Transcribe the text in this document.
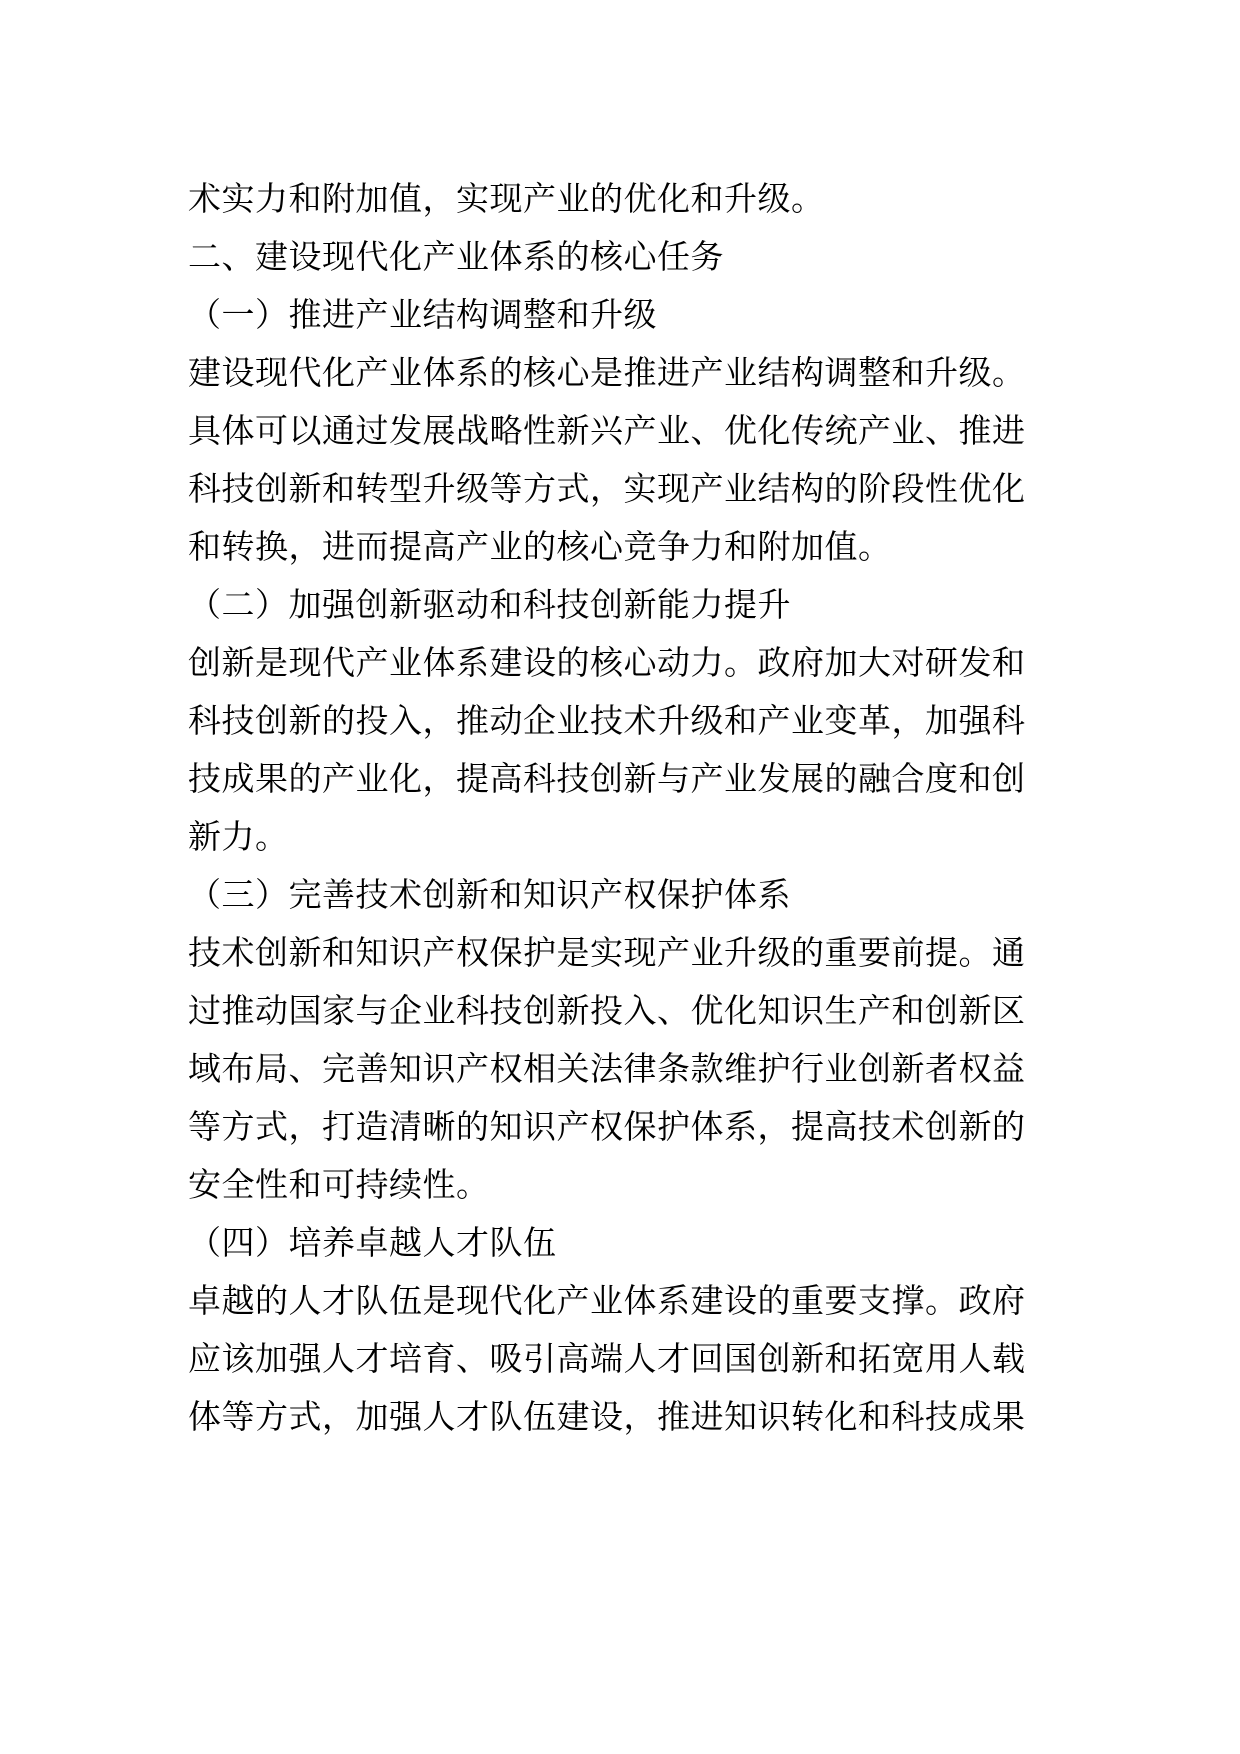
术实力和附加值，实现产业的优化和升级。
二、建设现代化产业体系的核心任务
（一）推进产业结构调整和升级
建设现代化产业体系的核心是推进产业结构调整和升级。
具体可以通过发展战略性新兴产业、优化传统产业、推进
科技创新和转型升级等方式，实现产业结构的阶段性优化
和转换，进而提高产业的核心竞争力和附加值。
（二）加强创新驱动和科技创新能力提升
创新是现代产业体系建设的核心动力。政府加大对研发和
科技创新的投入，推动企业技术升级和产业变革，加强科
技成果的产业化，提高科技创新与产业发展的融合度和创
新力。
（三）完善技术创新和知识产权保护体系
技术创新和知识产权保护是实现产业升级的重要前提。通
过推动国家与企业科技创新投入、优化知识生产和创新区
域布局、完善知识产权相关法律条款维护行业创新者权益
等方式，打造清晰的知识产权保护体系，提高技术创新的
安全性和可持续性。
（四）培养卓越人才队伍
卓越的人才队伍是现代化产业体系建设的重要支撑。政府
应该加强人才培育、吸引高端人才回国创新和拓宽用人载
体等方式，加强人才队伍建设，推进知识转化和科技成果
